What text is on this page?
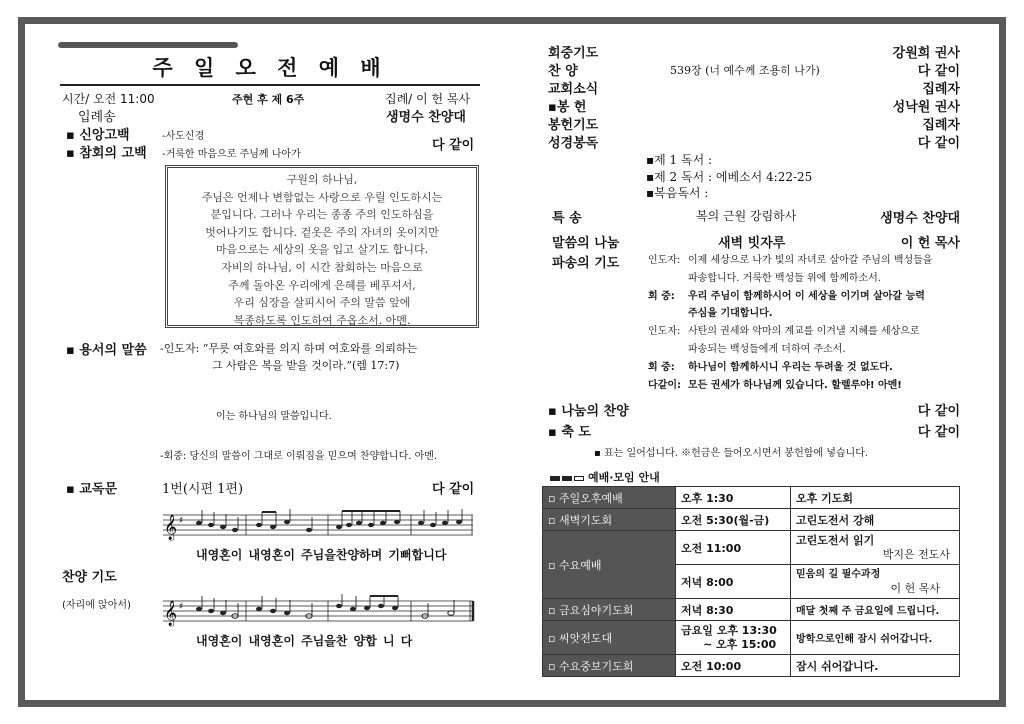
주 일 오 전 예 배
시간/ 오전 11:00	주현 후 제 6주	집례/ 이 헌 목사
입례송	생명수 찬양대
▪ 신앙고백	-사도신경
▪ 참회의 고백 -거룩한 마음으로 주님께 나아가
다 같이
구원의 하나님,
주님은 언제나 변함없는 사랑으로 우릴 인도하시는
분입니다. 그러나 우리는 종종 주의 인도하심을
벗어나기도 합니다. 겉옷은 주의 자녀의 옷이지만
마음으로는 세상의 옷을 입고 살기도 합니다.
자비의 하나님, 이 시간 참회하는 마음으로
주께 돌아온 우리에게 은혜를 베푸셔서,
우리 심장을 살피시어 주의 말씀 앞에
복종하도록 인도하여 주옵소서. 아멘.
▪ 용서의 말씀 -인도자: “무릇 여호와를 의지 하며 여호와를 의뢰하는
그 사람은 복을 받을 것이라.”(렘 17:7)
이는 하나님의 말씀입니다.
-회중: 당신의 말씀이 그대로 이뤄짐을 믿으며 찬양합니다. 아멘.
▪ 교독문	1번(시편 1편)	다 같이
𝄞 ♯
내영혼이 내영혼이 주님을찬양하며 기뻐합니다
찬양 기도
(자리에 앉아서) 𝄞 ♯
내영혼이 내영혼이 주님을찬 양합 니 다
회중기도	강원희 권사
찬 양	539장 (너 예수께 조용히 나가)	다 같이
교회소식	집례자
▪봉 헌	성낙원 권사
봉헌기도	집례자
성경봉독	다 같이
▪제 1 독서 :
▪제 2 독서 : 에베소서 4:22-25
▪복음독서 :
특 송	복의 근원 강림하사	생명수 찬양대
말씀의 나눔	새벽 빗자루	이 헌 목사
파송의 기도	인도자: 이제 세상으로 나가 빛의 자녀로 살아갈 주님의 백성들을
파송합니다. 거룩한 백성들 위에 함께하소서.
회 중: 우리 주님이 함께하시어 이 세상을 이기며 살아갈 능력
주심을 기대합니다.
인도자: 사탄의 권세와 악마의 계교를 이겨낼 지혜를 세상으로
파송되는 백성들에게 더하여 주소서.
회 중: 하나님이 함께하시니 우리는 두려울 것 없도다.
다같이: 모든 권세가 하나님께 있습니다. 할렐루야! 아멘!
▪ 나눔의 찬양	다 같이
▪ 축 도	다 같이
▪ 표는 일어섭니다. ※헌금은 들어오시면서 봉헌함에 넣습니다.
예배·모임 안내
▫ 주일오후예배	오후 1:30	오후 기도회
▫ 새벽기도회	오전 5:30(월-금)	고린도전서 강해
▫ 수요예배	오전 11:00	고린도전서 읽기
박지은 전도사

	저녁 8:00	믿음의 길 필수과정
이 헌 목사

▫ 금요심야기도회	저녁 8:30	매달 첫째 주 금요일에 드립니다.
▫ 씨앗전도대	금요일 오후 13:30
~ 오후 15:00	방학으로인해 잠시 쉬어갑니다.
▫ 수요중보기도회	오전 10:00	잠시 쉬어갑니다.
